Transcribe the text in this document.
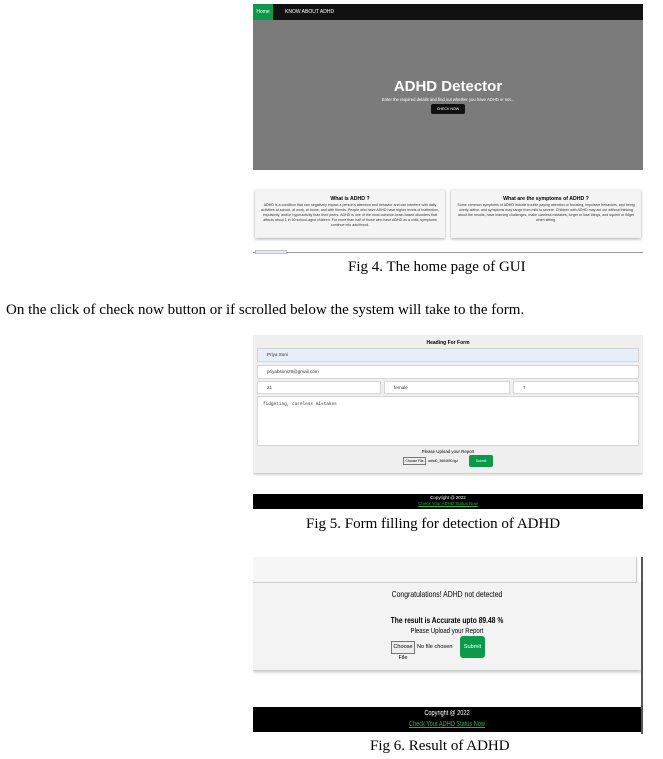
Home	KNOW ABOUT ADHD
ADHD Detector
Enter the required details and find out whether you have ADHD or not...
CHECK NOW
What is ADHD ?
ADHD is a condition that can negatively impact a person's attention and behavior and can interfere with daily activities at school, at work, at home, and with friends. People who have ADHD have higher levels of inattention, impulsivity, and/or hyperactivity than their peers. ADHD is one of the most common brain-based disorders that affects about 1 in 10 school-aged children. For more than half of those who have ADHD as a child, symptoms continue into adulthood.
What are the symptoms of ADHD ?
Some common symptoms of ADHD include trouble paying attention or focusing, impulsive behaviors, and being overly active, and symptoms may range from mild to severe. Children with ADHD may act out without thinking about the results, have learning challenges, make careless mistakes, forget or lose things, and squirm or fidget when sitting.
Fig 4. The home page of GUI
On the click of check now button or if scrolled below the system will take to the form.
Heading For Form
Priya Soni
priyabsoni29@gmail.com
21	female	7
fidgeting, careless mistakes
Please Upload your Report
Choose File	adhd0_3684690.tgz	Submit
Copyright @ 2022
Check Your ADHD Status Now
Fig 5. Form filling for detection of ADHD
Congratulations! ADHD not detected
The result is Accurate upto 89.48 %
Please Upload your Report
Choose File
No file chosen	Submit
Copyright @ 2022
Check Your ADHD Status Now
Fig 6. Result of ADHD
